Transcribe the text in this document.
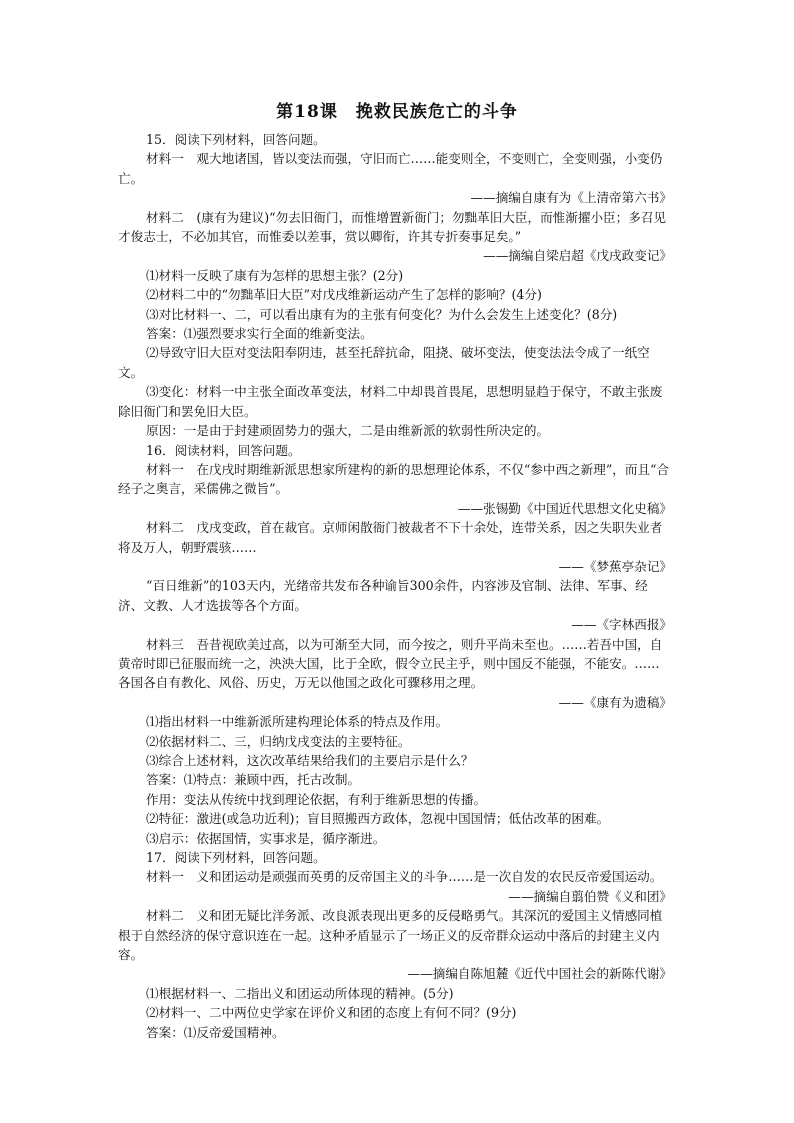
第18课　挽救民族危亡的斗争

15．阅读下列材料，回答问题。

材料一　观大地诸国，皆以变法而强，守旧而亡……能变则全，不变则亡，全变则强，小变仍亡。

——摘编自康有为《上清帝第六书》

材料二　(康有为建议)“勿去旧衙门，而惟增置新衙门；勿黜革旧大臣，而惟渐擢小臣；多召见才俊志士，不必加其官，而惟委以差事，赏以卿衔，许其专折奏事足矣。”

——摘编自梁启超《戊戌政变记》

⑴材料一反映了康有为怎样的思想主张？(2分)

⑵材料二中的“勿黜革旧大臣”对戊戌维新运动产生了怎样的影响？(4分)

⑶对比材料一、二，可以看出康有为的主张有何变化？为什么会发生上述变化？(8分)

答案：⑴强烈要求实行全面的维新变法。

⑵导致守旧大臣对变法阳奉阴违，甚至托辞抗命，阻挠、破坏变法，使变法法令成了一纸空文。

⑶变化：材料一中主张全面改革变法，材料二中却畏首畏尾，思想明显趋于保守，不敢主张废除旧衙门和罢免旧大臣。

原因：一是由于封建顽固势力的强大，二是由维新派的软弱性所决定的。

16．阅读材料，回答问题。

材料一　在戊戌时期维新派思想家所建构的新的思想理论体系，不仅“参中西之新理”，而且“合经子之奥言，采儒佛之微旨”。

——张锡勤《中国近代思想文化史稿》

材料二　戊戌变政，首在裁官。京师闲散衙门被裁者不下十余处，连带关系，因之失职失业者将及万人，朝野震骇……

——《梦蕉亭杂记》

“百日维新”的103天内，光绪帝共发布各种谕旨300余件，内容涉及官制、法律、军事、经济、文教、人才选拔等各个方面。

——《字林西报》

材料三　吾昔视欧美过高，以为可渐至大同，而今按之，则升平尚未至也。……若吾中国，自黄帝时即已征服而统一之，泱泱大国，比于全欧，假令立民主乎，则中国反不能强，不能安。……各国各自有教化、风俗、历史，万无以他国之政化可骤移用之理。

——《康有为遗稿》

⑴指出材料一中维新派所建构理论体系的特点及作用。

⑵依据材料二、三，归纳戊戌变法的主要特征。

⑶综合上述材料，这次改革结果给我们的主要启示是什么？

答案：⑴特点：兼顾中西，托古改制。

作用：变法从传统中找到理论依据，有利于维新思想的传播。

⑵特征：激进(或急功近利)；盲目照搬西方政体，忽视中国国情；低估改革的困难。

⑶启示：依据国情，实事求是，循序渐进。

17．阅读下列材料，回答问题。

材料一　义和团运动是顽强而英勇的反帝国主义的斗争……是一次自发的农民反帝爱国运动。

——摘编自翦伯赞《义和团》

材料二　义和团无疑比洋务派、改良派表现出更多的反侵略勇气。其深沉的爱国主义情感同植根于自然经济的保守意识连在一起。这种矛盾显示了一场正义的反帝群众运动中落后的封建主义内容。

——摘编自陈旭麓《近代中国社会的新陈代谢》

⑴根据材料一、二指出义和团运动所体现的精神。(5分)

⑵材料一、二中两位史学家在评价义和团的态度上有何不同？(9分)

答案：⑴反帝爱国精神。
